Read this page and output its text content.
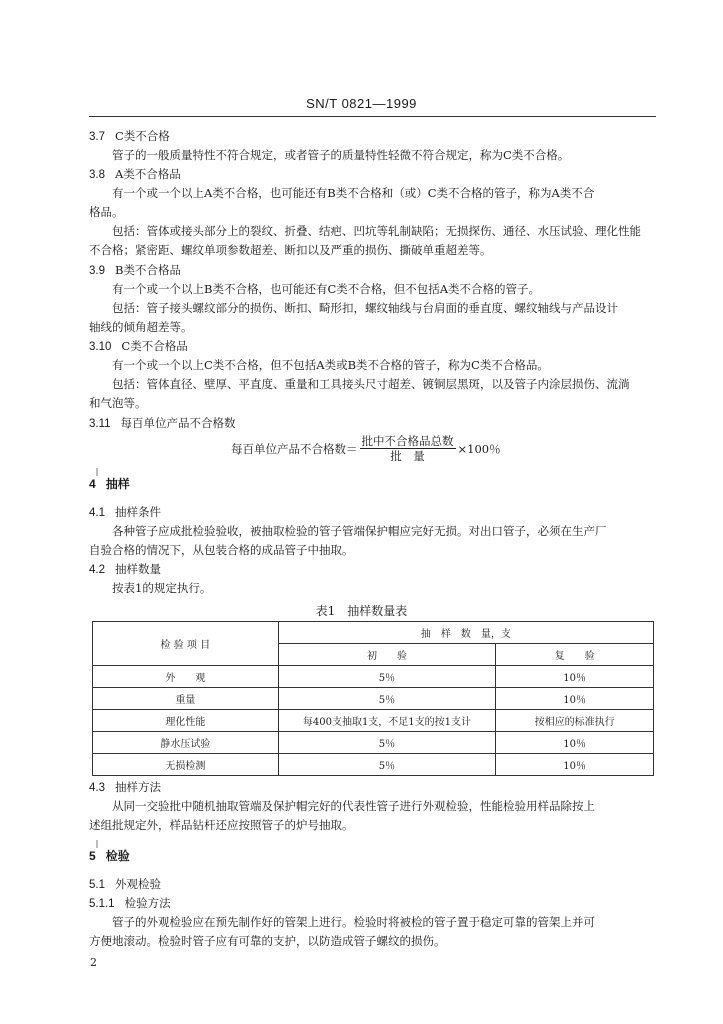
SN/T 0821—1999
3.7 C类不合格
管子的一般质量特性不符合规定，或者管子的质量特性轻微不符合规定，称为C类不合格。
3.8 A类不合格品
有一个或一个以上A类不合格，也可能还有B类不合格和（或）C类不合格的管子，称为A类不合
格品。
包括：管体或接头部分上的裂纹、折叠、结疤、凹坑等轧制缺陷；无损探伤、通径、水压试验、理化性能
不合格；紧密距、螺纹单项参数超差、断扣以及严重的损伤、撕破单重超差等。
3.9 B类不合格品
有一个或一个以上B类不合格，也可能还有C类不合格，但不包括A类不合格的管子。
包括：管子接头螺纹部分的损伤、断扣、畸形扣，螺纹轴线与台肩面的垂直度、螺纹轴线与产品设计
轴线的倾角超差等。
3.10 C类不合格品
有一个或一个以上C类不合格，但不包括A类或B类不合格的管子，称为C类不合格品。
包括：管体直径、壁厚、平直度、重量和工具接头尺寸超差、镀铜层黑斑，以及管子内涂层损伤、流淌
和气泡等。
3.11 每百单位产品不合格数
每百单位产品不合格数＝ $\frac{\text{批中不合格品总数}}{\text{批　量}} \times 100$％
4 抽样
4.1 抽样条件
各种管子应成批检验验收，被抽取检验的管子管端保护帽应完好无损。对出口管子，必须在生产厂
自验合格的情况下，从包装合格的成品管子中抽取。
4.2 抽样数量
按表1的规定执行。
表1　抽样数量表
检 验 项 目	抽　样　数　量，支	
	初　　验	复　　验
外　　观	5％	10％
重量	5％	10％
理化性能	每400支抽取1支，不足1支的按1支计	按相应的标准执行
静水压试验	5％	10％
无损检测	5％	10％
4.3 抽样方法
从同一交验批中随机抽取管端及保护帽完好的代表性管子进行外观检验，性能检验用样品除按上
述组批规定外，样品钻杆还应按照管子的炉号抽取。
5 检验
5.1 外观检验
5.1.1 检验方法
管子的外观检验应在预先制作好的管架上进行。检验时将被检的管子置于稳定可靠的管架上并可
方便地滚动。检验时管子应有可靠的支护，以防造成管子螺纹的损伤。
2
